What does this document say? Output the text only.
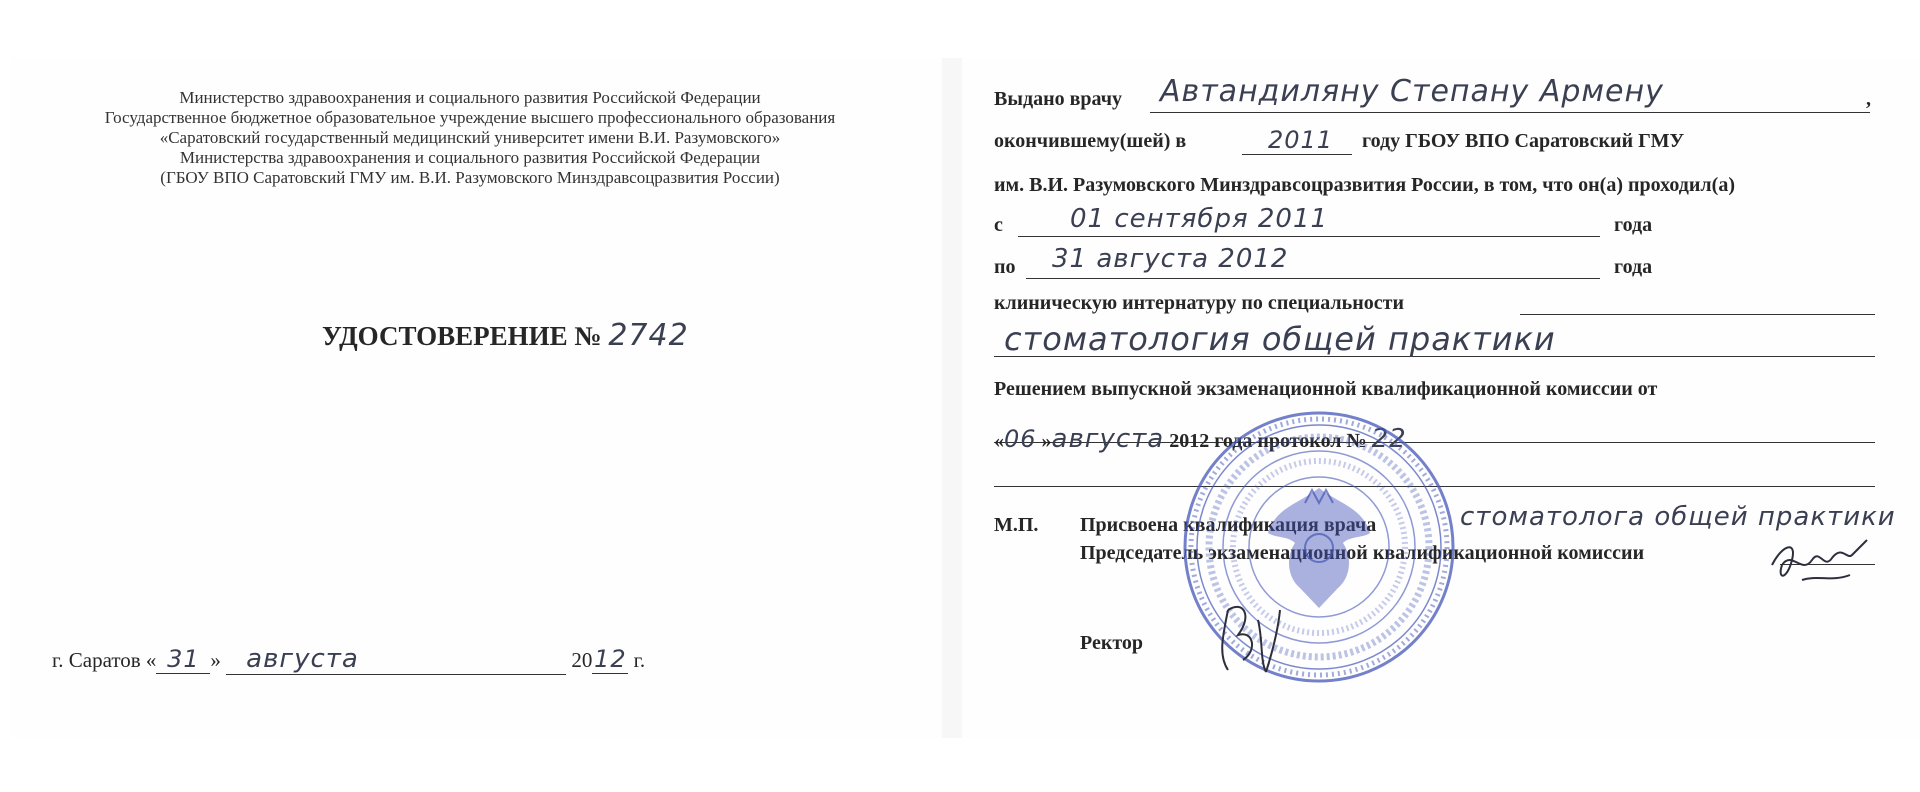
Министерство здравоохранения и социального развития Российской Федерации
Государственное бюджетное образовательное учреждение высшего профессионального образования
«Саратовский государственный медицинский университет имени В.И. Разумовского»
Министерства здравоохранения и социального развития Российской Федерации
(ГБОУ ВПО Саратовский ГМУ им. В.И. Разумовского Минздравсоцразвития России)
УДОСТОВЕРЕНИЕ № 2742
г. Саратов « 31 » августа	2012 г.
Выдано врачу Автандиляну Степану Армену	,
окончившему(шей) в	2011 году ГБОУ ВПО Саратовский ГМУ
им. В.И. Разумовского Минздравсоцразвития России, в том, что он(а) проходил(а)
с	01 сентября 2011	года
по 31 августа 2012	года
клиническую интернатуру по специальности
стоматология общей практики
Решением выпускной экзаменационной квалификационной комиссии от
«06 »августа 2012 года протокол № 22
М.П. Присвоена квалификация врача	стоматолога общей практики
Председатель экзаменационной квалификационной комиссии
Ректор
